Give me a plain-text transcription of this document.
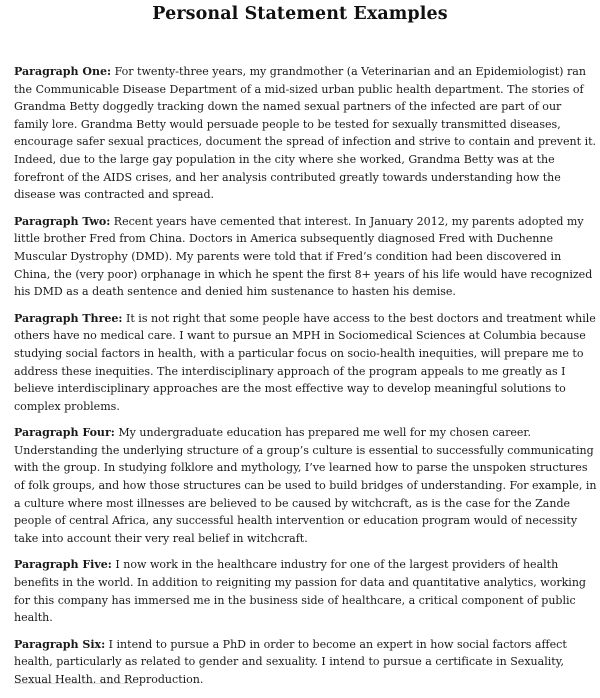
Personal Statement Examples

Paragraph One: For twenty-three years, my grandmother (a Veterinarian and an Epidemiologist) ran the Communicable Disease Department of a mid-sized urban public health department. The stories of Grandma Betty doggedly tracking down the named sexual partners of the infected are part of our family lore. Grandma Betty would persuade people to be tested for sexually transmitted diseases, encourage safer sexual practices, document the spread of infection and strive to contain and prevent it. Indeed, due to the large gay population in the city where she worked, Grandma Betty was at the forefront of the AIDS crises, and her analysis contributed greatly towards understanding how the disease was contracted and spread.

Paragraph Two: Recent years have cemented that interest. In January 2012, my parents adopted my little brother Fred from China. Doctors in America subsequently diagnosed Fred with Duchenne Muscular Dystrophy (DMD). My parents were told that if Fred’s condition had been discovered in China, the (very poor) orphanage in which he spent the first 8+ years of his life would have recognized his DMD as a death sentence and denied him sustenance to hasten his demise.

Paragraph Three: It is not right that some people have access to the best doctors and treatment while others have no medical care. I want to pursue an MPH in Sociomedical Sciences at Columbia because studying social factors in health, with a particular focus on socio-health inequities, will prepare me to address these inequities. The interdisciplinary approach of the program appeals to me greatly as I believe interdisciplinary approaches are the most effective way to develop meaningful solutions to complex problems.

Paragraph Four: My undergraduate education has prepared me well for my chosen career. Understanding the underlying structure of a group’s culture is essential to successfully communicating with the group. In studying folklore and mythology, I’ve learned how to parse the unspoken structures of folk groups, and how those structures can be used to build bridges of understanding. For example, in a culture where most illnesses are believed to be caused by witchcraft, as is the case for the Zande people of central Africa, any successful health intervention or education program would of necessity take into account their very real belief in witchcraft.

Paragraph Five: I now work in the healthcare industry for one of the largest providers of health benefits in the world. In addition to reigniting my passion for data and quantitative analytics, working for this company has immersed me in the business side of healthcare, a critical component of public health.

Paragraph Six: I intend to pursue a PhD in order to become an expert in how social factors affect health, particularly as related to gender and sexuality. I intend to pursue a certificate in Sexuality, Sexual Health, and Reproduction.
